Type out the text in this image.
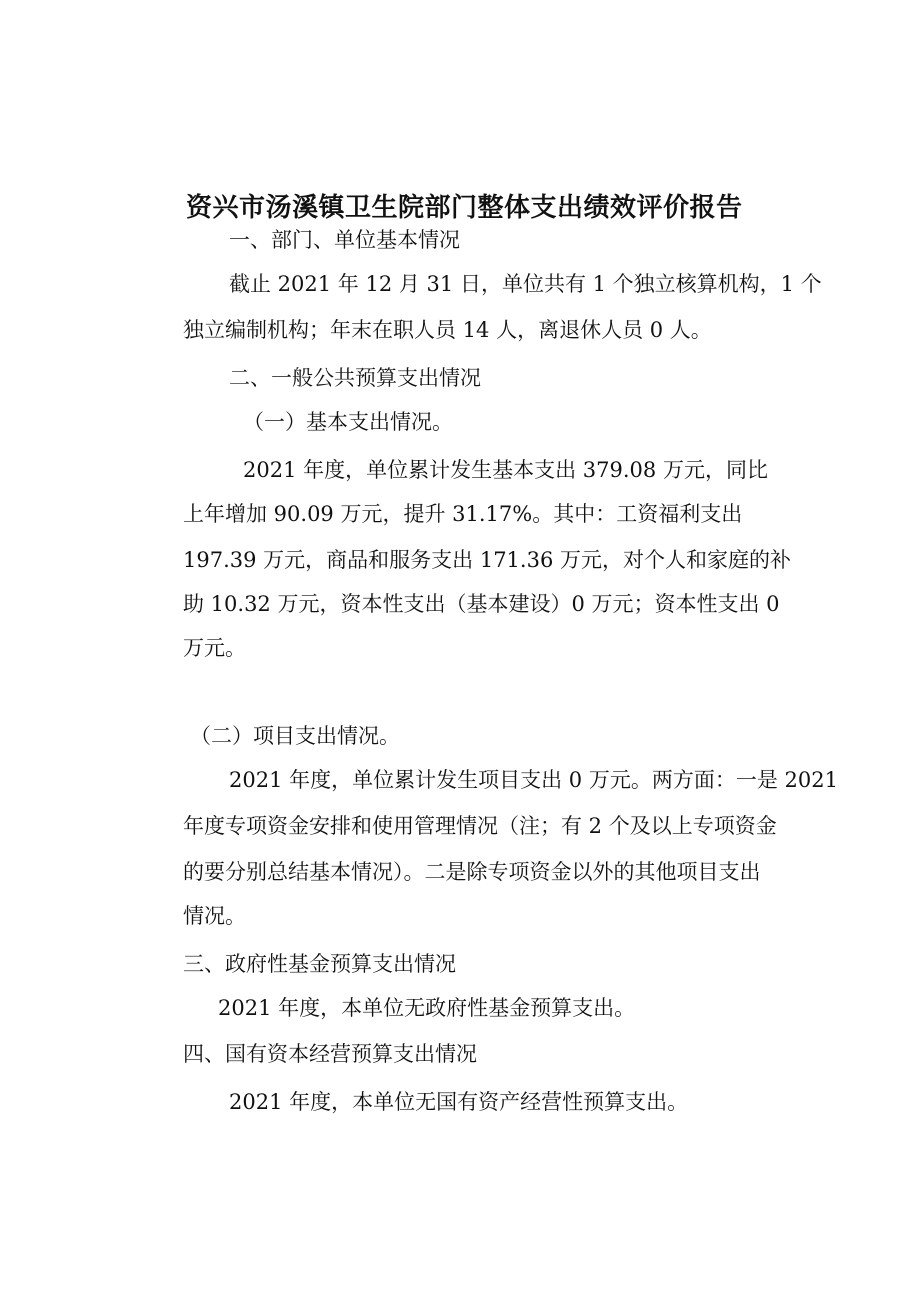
资兴市汤溪镇卫生院部门整体支出绩效评价报告

一、部门、单位基本情况

截止 2021 年 12 月 31 日，单位共有 1 个独立核算机构，1 个

独立编制机构；年末在职人员 14 人，离退休人员 0 人。

二、一般公共预算支出情况

（一）基本支出情况。

2021 年度，单位累计发生基本支出 379.08 万元，同比

上年增加 90.09 万元，提升 31.17%。其中：工资福利支出

197.39 万元，商品和服务支出 171.36 万元，对个人和家庭的补

助 10.32 万元，资本性支出（基本建设）0 万元；资本性支出 0

万元。

（二）项目支出情况。

2021 年度，单位累计发生项目支出 0 万元。两方面：一是 2021

年度专项资金安排和使用管理情况（注；有 2 个及以上专项资金

的要分别总结基本情况）。二是除专项资金以外的其他项目支出

情况。

三、政府性基金预算支出情况

2021 年度，本单位无政府性基金预算支出。

四、国有资本经营预算支出情况

2021 年度，本单位无国有资产经营性预算支出。
